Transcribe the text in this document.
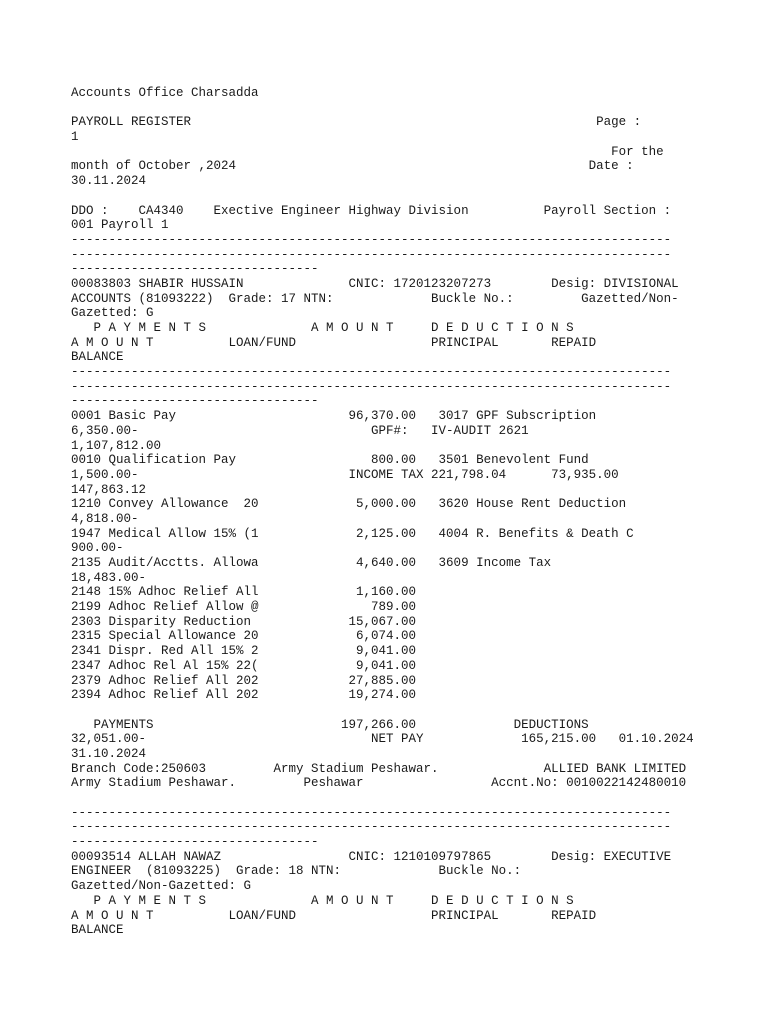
Accounts Office Charsadda
PAYROLL REGISTER                                                      Page :
1
For the
month of October ,2024                                               Date :
30.11.2024
DDO :    CA4340    Exective Engineer Highway Division          Payroll Section :
001 Payroll 1
--------------------------------------------------------------------------------
--------------------------------------------------------------------------------
---------------------------------
00083803 SHABIR HUSSAIN              CNIC: 1720123207273        Desig: DIVISIONAL
ACCOUNTS (81093222)  Grade: 17 NTN:             Buckle No.:         Gazetted/Non-
Gazetted: G
P A Y M E N T S              A M O U N T     D E D U C T I O N S
A M O U N T          LOAN/FUND                  PRINCIPAL       REPAID
BALANCE
--------------------------------------------------------------------------------
--------------------------------------------------------------------------------
---------------------------------
0001 Basic Pay                       96,370.00   3017 GPF Subscription
6,350.00-                               GPF#:   IV-AUDIT 2621
1,107,812.00
0010 Qualification Pay                  800.00   3501 Benevolent Fund
1,500.00-                            INCOME TAX 221,798.04      73,935.00
147,863.12
1210 Convey Allowance  20             5,000.00   3620 House Rent Deduction
4,818.00-
1947 Medical Allow 15% (1             2,125.00   4004 R. Benefits & Death C
900.00-
2135 Audit/Acctts. Allowa             4,640.00   3609 Income Tax
18,483.00-
2148 15% Adhoc Relief All             1,160.00
2199 Adhoc Relief Allow @               789.00
2303 Disparity Reduction             15,067.00
2315 Special Allowance 20             6,074.00
2341 Dispr. Red All 15% 2             9,041.00
2347 Adhoc Rel Al 15% 22(             9,041.00
2379 Adhoc Relief All 202            27,885.00
2394 Adhoc Relief All 202            19,274.00
PAYMENTS                         197,266.00             DEDUCTIONS
32,051.00-                              NET PAY             165,215.00   01.10.2024
31.10.2024
Branch Code:250603         Army Stadium Peshawar.              ALLIED BANK LIMITED
Army Stadium Peshawar.         Peshawar                 Accnt.No: 0010022142480010
--------------------------------------------------------------------------------
--------------------------------------------------------------------------------
---------------------------------
00093514 ALLAH NAWAZ                 CNIC: 1210109797865        Desig: EXECUTIVE
ENGINEER  (81093225)  Grade: 18 NTN:             Buckle No.:
Gazetted/Non-Gazetted: G
P A Y M E N T S              A M O U N T     D E D U C T I O N S
A M O U N T          LOAN/FUND                  PRINCIPAL       REPAID
BALANCE
